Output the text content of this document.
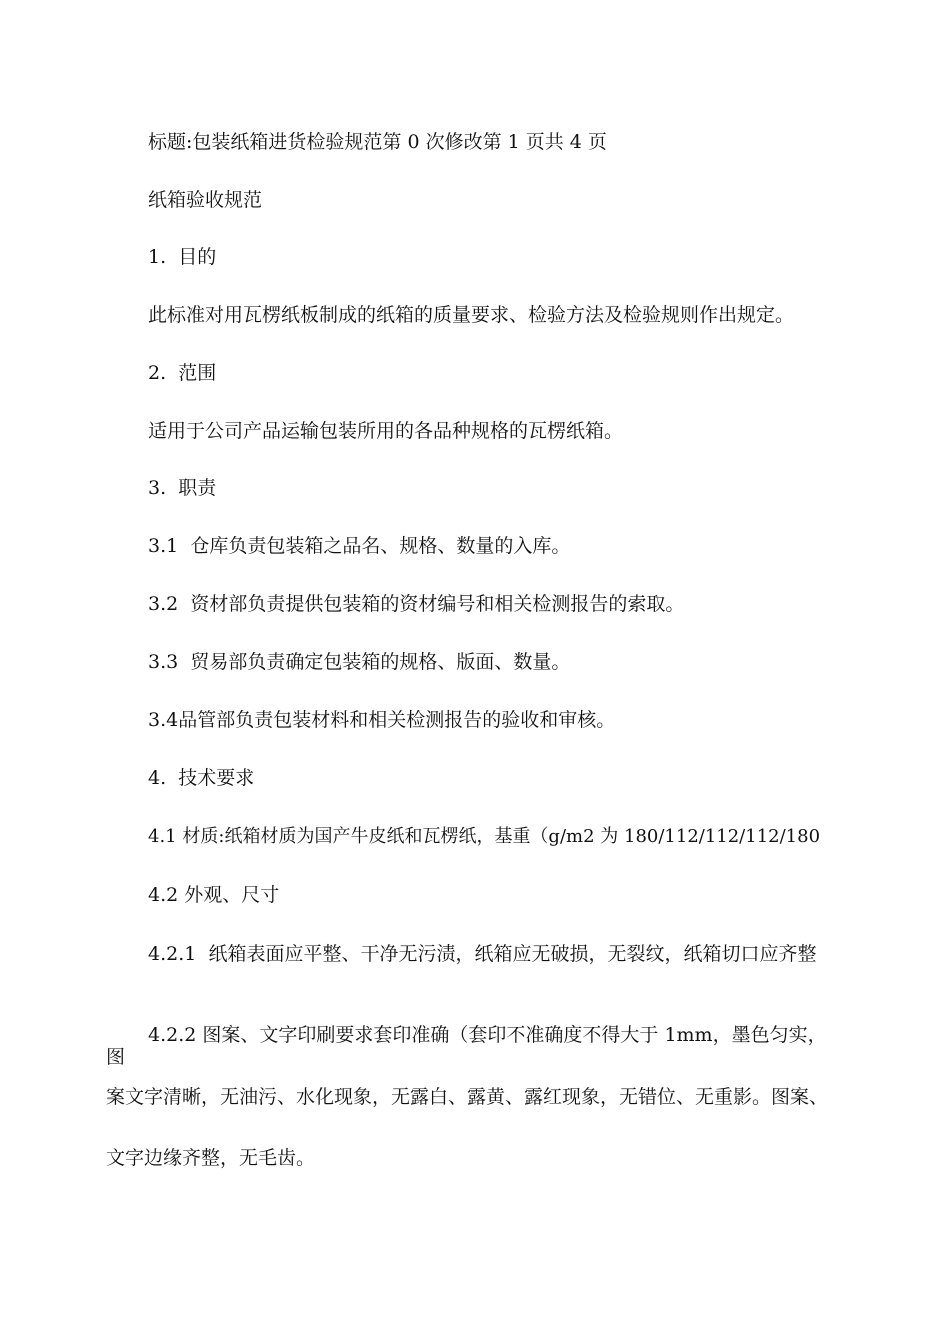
标题:包装纸箱进货检验规范第 0 次修改第 1 页共 4 页

纸箱验收规范

1. 目的

此标准对用瓦楞纸板制成的纸箱的质量要求、检验方法及检验规则作出规定。

2. 范围

适用于公司产品运输包装所用的各品种规格的瓦楞纸箱。

3. 职责

3.1 仓库负责包装箱之品名、规格、数量的入库。

3.2 资材部负责提供包装箱的资材编号和相关检测报告的索取。

3.3 贸易部负责确定包装箱的规格、版面、数量。

3.4品管部负责包装材料和相关检测报告的验收和审核。

4. 技术要求

4.1 材质:纸箱材质为国产牛皮纸和瓦楞纸，基重（g/m2 为 180/112/112/112/180

4.2 外观、尺寸

4.2.1 纸箱表面应平整、干净无污渍，纸箱应无破损，无裂纹，纸箱切口应齐整

4.2.2 图案、文字印刷要求套印准确（套印不准确度不得大于 1mm，墨色匀实，图

案文字清晰，无油污、水化现象，无露白、露黄、露红现象，无错位、无重影。图案、

文字边缘齐整，无毛齿。
